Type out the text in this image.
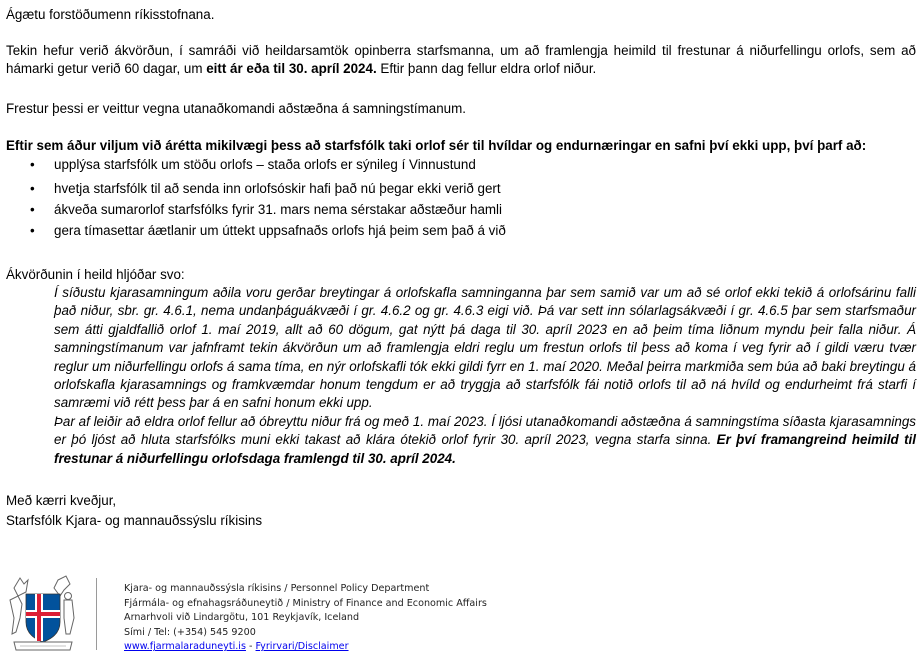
Ágætu forstöðumenn ríkisstofnana.

Tekin hefur verið ákvörðun, í samráði við heildarsamtök opinberra starfsmanna, um að framlengja heimild til frestunar á niðurfellingu orlofs, sem að hámarki getur verið 60 dagar, um eitt ár eða til 30. apríl 2024. Eftir þann dag fellur eldra orlof niður.

Frestur þessi er veittur vegna utanaðkomandi aðstæðna á samningstímanum.

Eftir sem áður viljum við árétta mikilvægi þess að starfsfólk taki orlof sér til hvíldar og endurnæringar en safni því ekki upp, því þarf að:

• upplýsa starfsfólk um stöðu orlofs – staða orlofs er sýnileg í Vinnustund
• hvetja starfsfólk til að senda inn orlofsóskir hafi það nú þegar ekki verið gert
• ákveða sumarorlof starfsfólks fyrir 31. mars nema sérstakar aðstæður hamli
• gera tímasettar áætlanir um úttekt uppsafnaðs orlofs hjá þeim sem það á við

Ákvörðunin í heild hljóðar svo:

Í síðustu kjarasamningum aðila voru gerðar breytingar á orlofskafla samninganna þar sem samið var um að sé orlof ekki tekið á orlofsárinu falli það niður, sbr. gr. 4.6.1, nema undanþáguákvæði í gr. 4.6.2 og gr. 4.6.3 eigi við. Þá var sett inn sólarlagsákvæði í gr. 4.6.5 þar sem starfsmaður sem átti gjaldfallið orlof 1. maí 2019, allt að 60 dögum, gat nýtt þá daga til 30. apríl 2023 en að þeim tíma liðnum myndu þeir falla niður. Á samningstímanum var jafnframt tekin ákvörðun um að framlengja eldri reglu um frestun orlofs til þess að koma í veg fyrir að í gildi væru tvær reglur um niðurfellingu orlofs á sama tíma, en nýr orlofskafli tók ekki gildi fyrr en 1. maí 2020. Meðal þeirra markmiða sem búa að baki breytingu á orlofskafla kjarasamnings og framkvæmdar honum tengdum er að tryggja að starfsfólk fái notið orlofs til að ná hvíld og endurheimt frá starfi í samræmi við rétt þess þar á en safni honum ekki upp.

Þar af leiðir að eldra orlof fellur að óbreyttu niður frá og með 1. maí 2023. Í ljósi utanaðkomandi aðstæðna á samningstíma síðasta kjarasamnings er þó ljóst að hluta starfsfólks muni ekki takast að klára ótekið orlof fyrir 30. apríl 2023, vegna starfa sinna. Er því framangreind heimild til frestunar á niðurfellingu orlofsdaga framlengd til 30. apríl 2024.

Með kærri kveðjur,
Starfsfólk Kjara- og mannauðssýslu ríkisins
Kjara- og mannauðssýsla ríkisins / Personnel Policy Department
Fjármála- og efnahagsráðuneytið / Ministry of Finance and Economic Affairs
Arnarhvoli við Lindargötu, 101 Reykjavík, Iceland
Sími / Tel: (+354) 545 9200
www.fjarmalaraduneyti.is - Fyrirvari/Disclaimer
